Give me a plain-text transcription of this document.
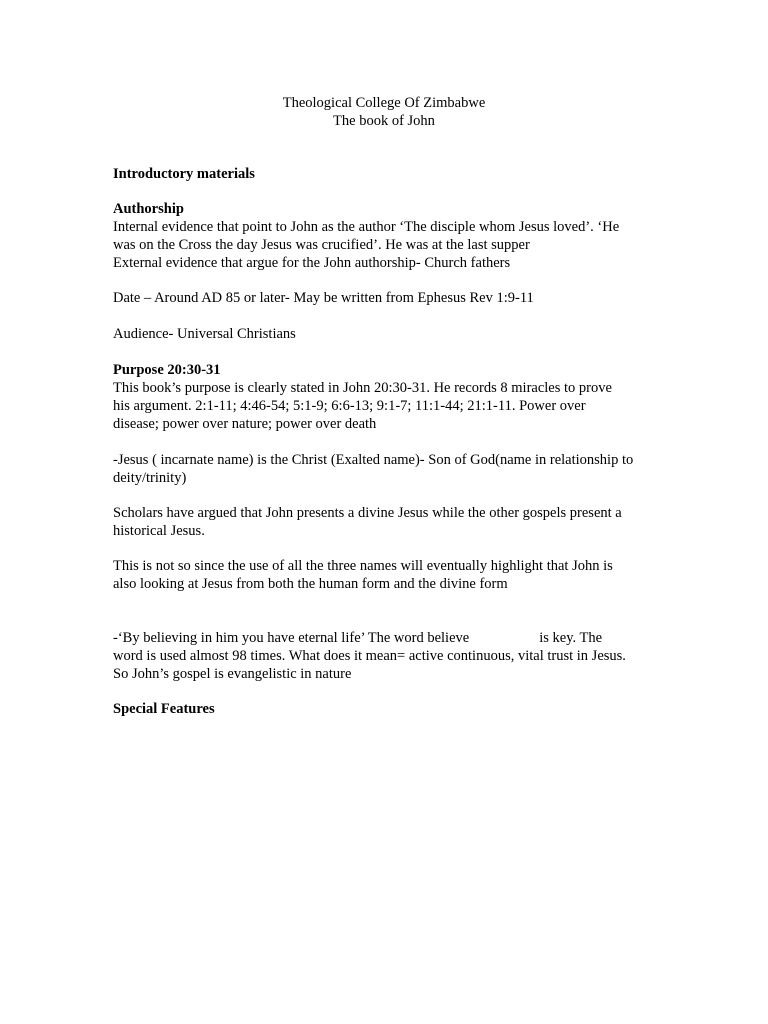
Theological College Of Zimbabwe
The book of John
Introductory materials
Authorship
Internal evidence that point to John as the author ‘The disciple whom Jesus loved’. ‘He
was on the Cross the day Jesus was crucified’. He was at the last supper
External evidence that argue for the John authorship- Church fathers
Date – Around AD 85 or later- May be written from Ephesus Rev 1:9-11
Audience- Universal Christians
Purpose 20:30-31
This book’s purpose is clearly stated in John 20:30-31. He records 8 miracles to prove
his argument. 2:1-11; 4:46-54; 5:1-9; 6:6-13; 9:1-7; 11:1-44; 21:1-11. Power over
disease; power over nature; power over death
-Jesus ( incarnate name) is the Christ (Exalted name)- Son of God(name in relationship to
deity/trinity)
Scholars have argued that John presents a divine Jesus while the other gospels present a
historical Jesus.
This is not so since the use of all the three names will eventually highlight that John is
also looking at Jesus from both the human form and the divine form
-‘By believing in him you have eternal life’ The word believe	is key. The
word is used almost 98 times. What does it mean= active continuous, vital trust in Jesus.
So John’s gospel is evangelistic in nature
Special Features
